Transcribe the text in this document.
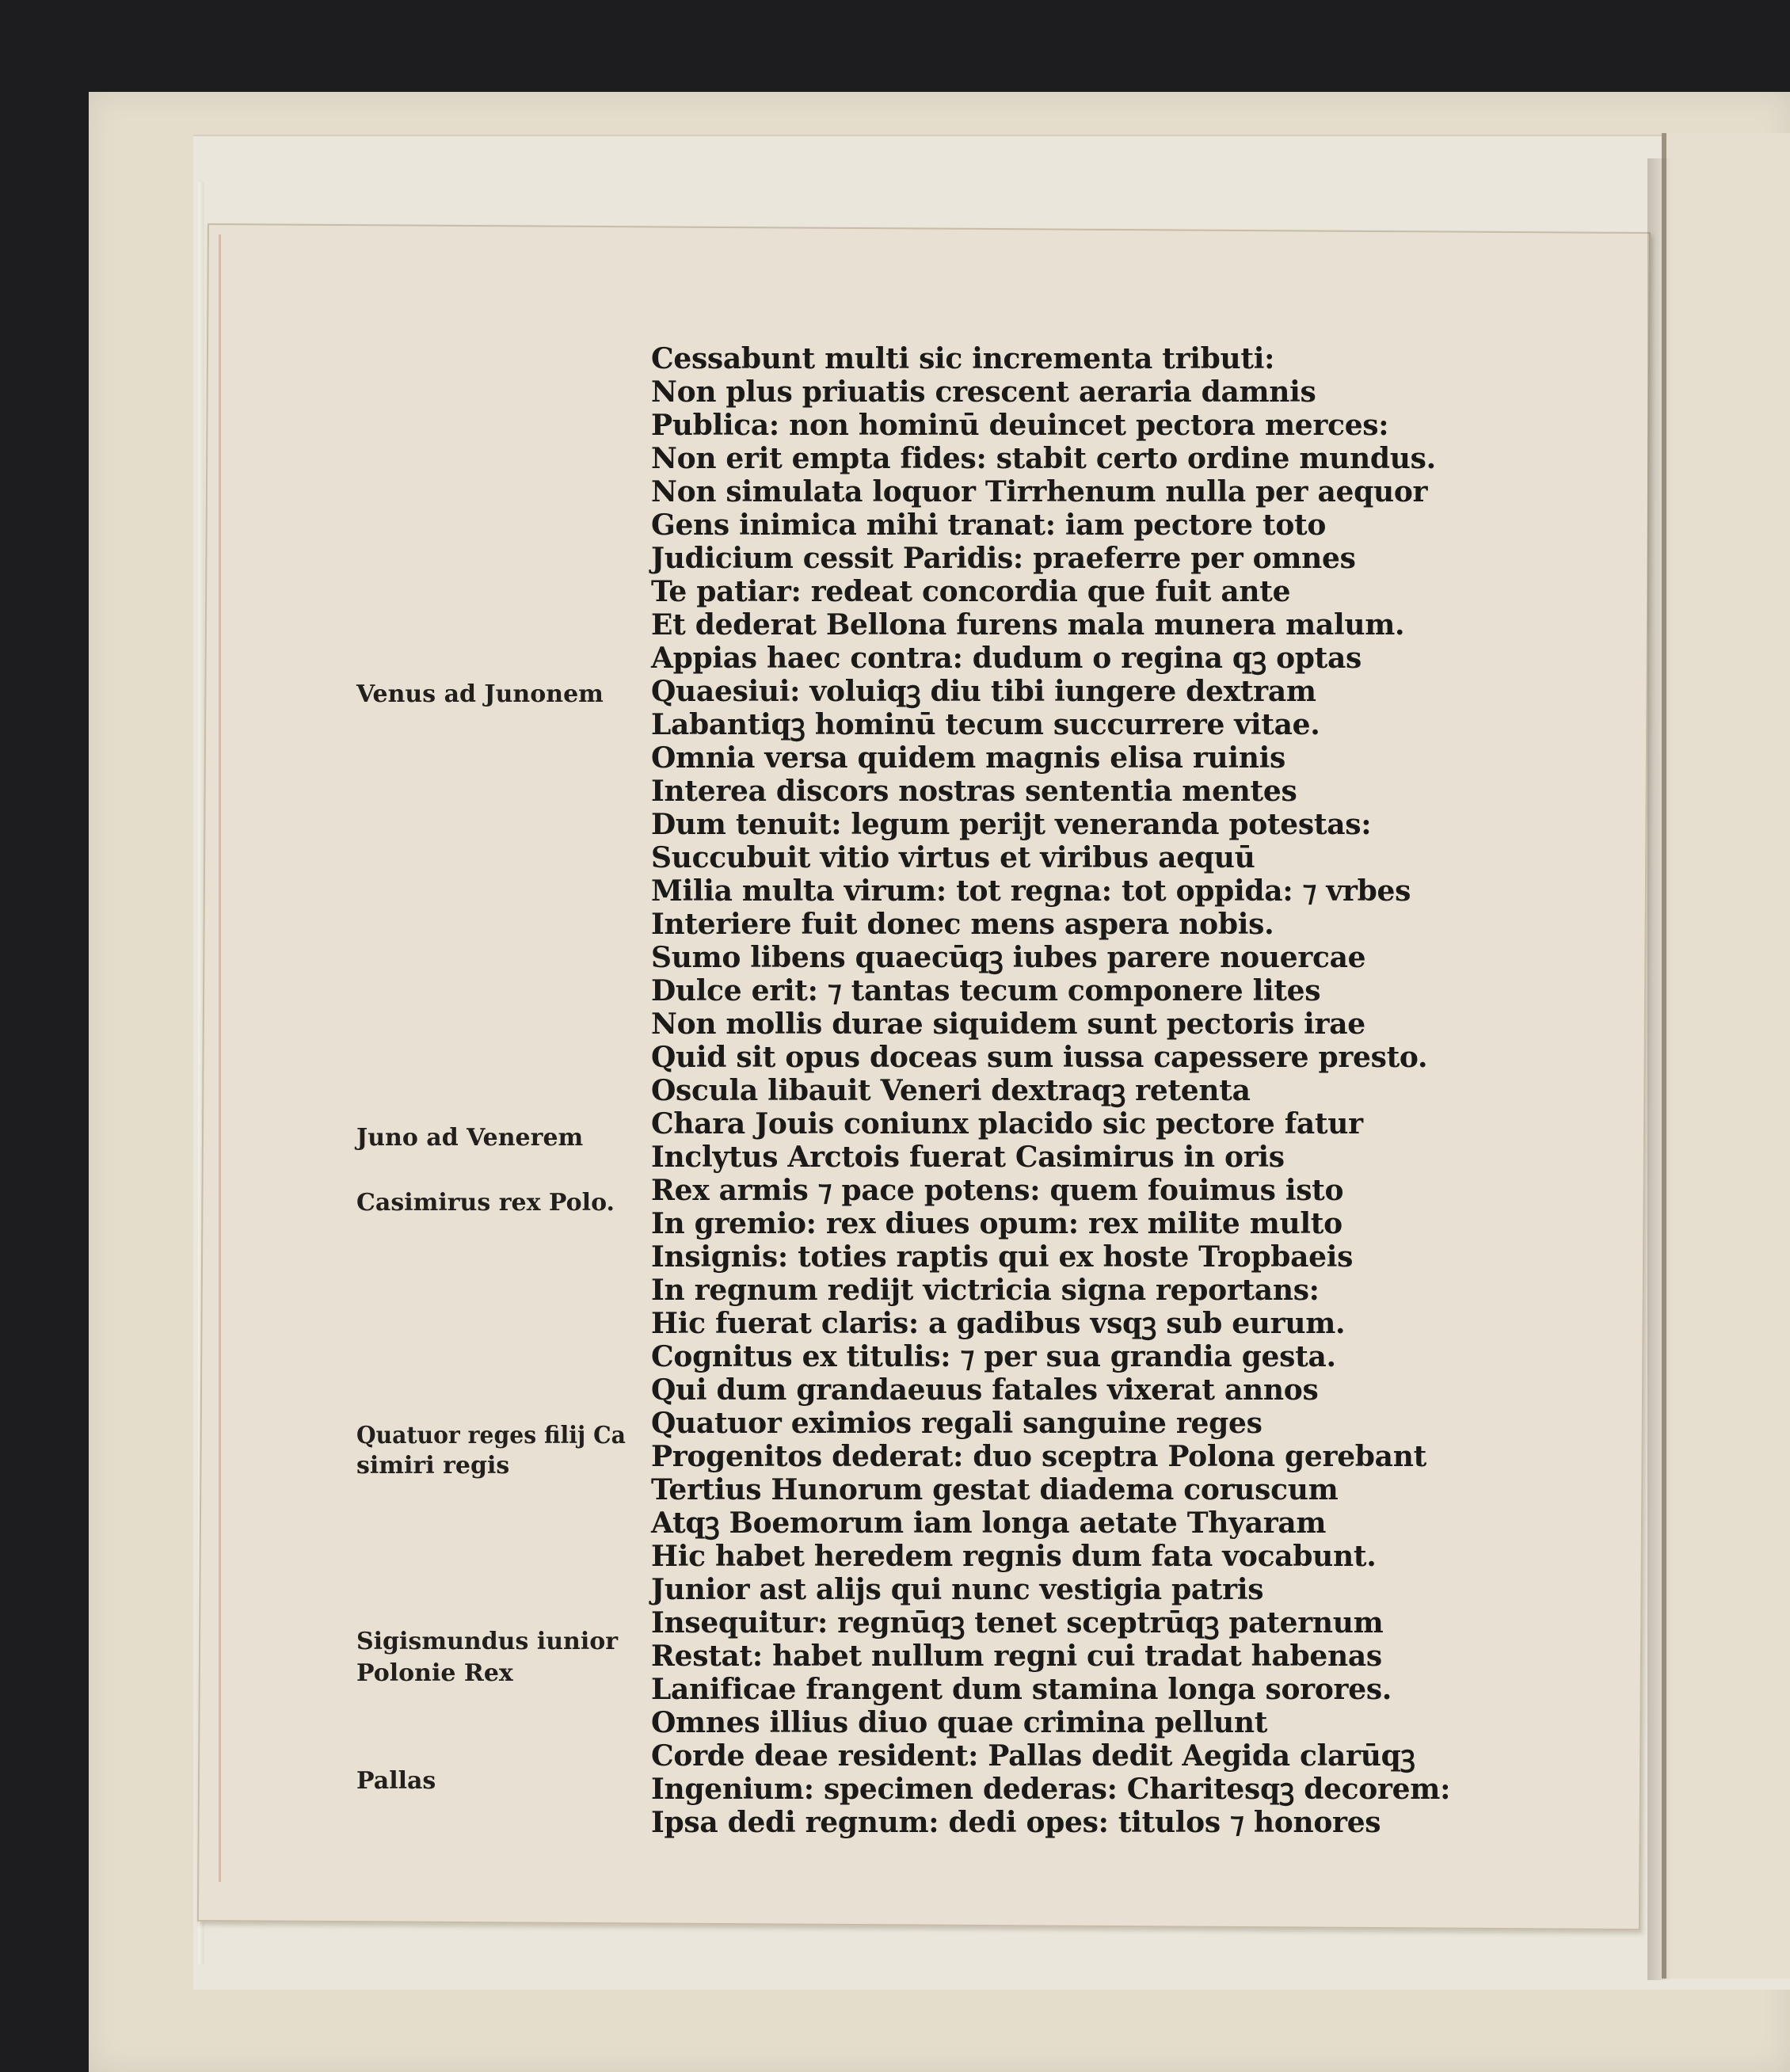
Cessabunt multi sic incrementa tributi:
Non plus priuatis crescent aeraria damnis
Publica: non hominū deuincet pectora merces:
Non erit empta fides: stabit certo ordine mundus.
Non simulata loquor Tirrhenum nulla per aequor
Gens inimica mihi tranat: iam pectore toto
Judicium cessit Paridis: praeferre per omnes
Te patiar: redeat concordia que fuit ante
Et dederat Bellona furens mala munera malum.
Appias haec contra: dudum o regina qꝫ optas
Quaesiui: voluiqꝫ diu tibi iungere dextram
Labantiqꝫ hominū tecum succurrere vitae.
Omnia versa quidem magnis elisa ruinis
Interea discors nostras sententia mentes
Dum tenuit: legum perijt veneranda potestas:
Succubuit vitio virtus et viribus aequū
Milia multa virum: tot regna: tot oppida: ⁊ vrbes
Interiere fuit donec mens aspera nobis.
Sumo libens quaecūqꝫ iubes parere nouercae
Dulce erit: ⁊ tantas tecum componere lites
Non mollis durae siquidem sunt pectoris irae
Quid sit opus doceas sum iussa capessere presto.
Oscula libauit Veneri dextraqꝫ retenta
Chara Jouis coniunx placido sic pectore fatur
Inclytus Arctois fuerat Casimirus in oris
Rex armis ⁊ pace potens: quem fouimus isto
In gremio: rex diues opum: rex milite multo
Insignis: toties raptis qui ex hoste Tropbaeis
In regnum redijt victricia signa reportans:
Hic fuerat claris: a gadibus vsqꝫ sub eurum.
Cognitus ex titulis: ⁊ per sua grandia gesta.
Qui dum grandaeuus fatales vixerat annos
Quatuor eximios regali sanguine reges
Progenitos dederat: duo sceptra Polona gerebant
Tertius Hunorum gestat diadema coruscum
Atqꝫ Boemorum iam longa aetate Thyaram
Hic habet heredem regnis dum fata vocabunt.
Junior ast alijs qui nunc vestigia patris
Insequitur: regnūqꝫ tenet sceptrūqꝫ paternum
Restat: habet nullum regni cui tradat habenas
Lanificae frangent dum stamina longa sorores.
Omnes illius diuo quae crimina pellunt
Corde deae resident: Pallas dedit Aegida clarūqꝫ
Ingenium: specimen dederas: Charitesqꝫ decorem:
Ipsa dedi regnum: dedi opes: titulos ⁊ honores
Venus ad Junonem
Juno ad Venerem
Casimirus rex Polo.
Quatuor reges filij Ca
simiri regis
Sigismundus iunior
Polonie Rex
Pallas
